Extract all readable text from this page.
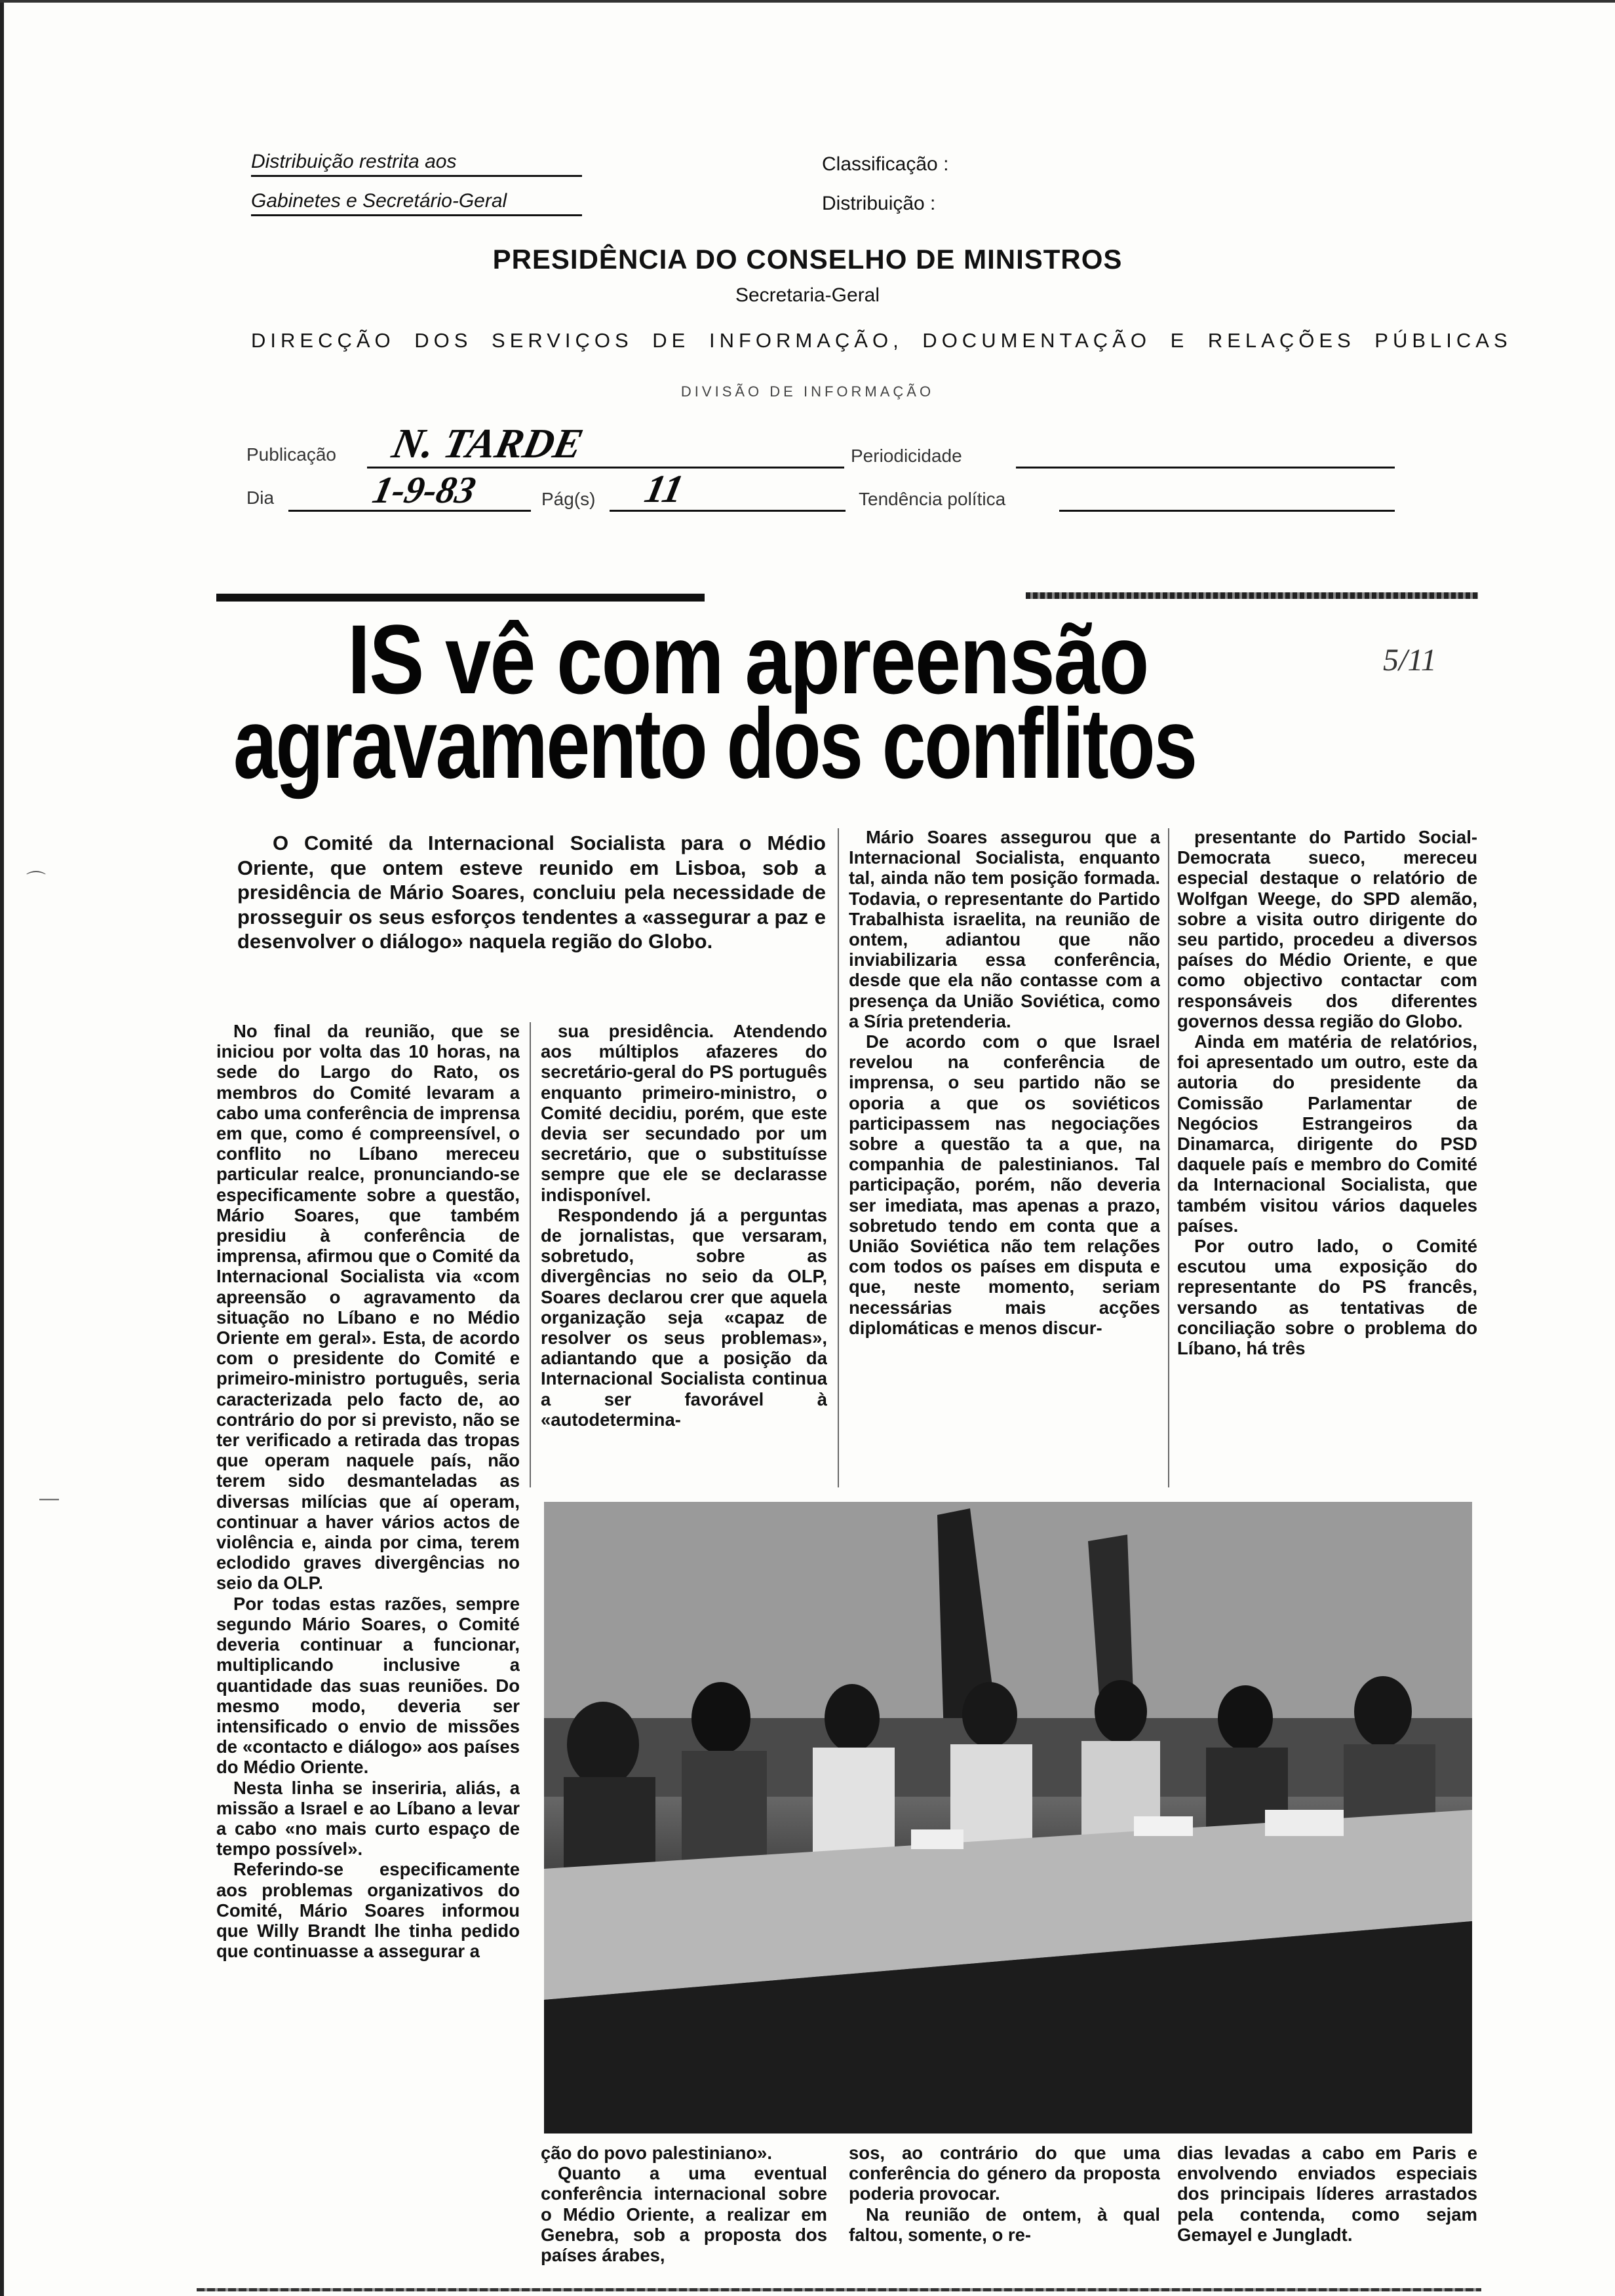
Distribuição restrita aos
Gabinetes e Secretário-Geral
Classificação :
Distribuição :
PRESIDÊNCIA DO CONSELHO DE MINISTROS
Secretaria-Geral
DIRECÇÃO DOS SERVIÇOS DE INFORMAÇÃO, DOCUMENTAÇÃO E RELAÇÕES PÚBLICAS
DIVISÃO DE INFORMAÇÃO
Publicação N. TARDE	Periodicidade
Dia	1-9-83	Pág(s) 11	Tendência política
IS vê com apreensão
agravamento dos conflitos
5/11
O Comité da Internacional Socialista para o Médio Oriente, que ontem esteve reunido em Lisboa, sob a presidência de Mário Soares, concluiu pela necessidade de prosseguir os seus esforços tendentes a «assegurar a paz e desenvolver o diálogo» naquela região do Globo.

No final da reunião, que se iniciou por volta das 10 horas, na sede do Largo do Rato, os membros do Comité levaram a cabo uma conferência de imprensa em que, como é compreensível, o conflito no Líbano mereceu particular realce, pronunciando-se especificamente sobre a questão, Mário Soares, que também presidiu à conferência de imprensa, afirmou que o Comité da Internacional Socialista via «com apreensão o agravamento da situação no Líbano e no Médio Oriente em geral». Esta, de acordo com o presidente do Comité e primeiro-ministro português, seria caracterizada pelo facto de, ao contrário do por si previsto, não se ter verificado a retirada das tropas que operam naquele país, não terem sido desmanteladas as diversas milícias que aí operam, continuar a haver vários actos de violência e, ainda por cima, terem eclodido graves divergências no seio da OLP.

Por todas estas razões, sempre segundo Mário Soares, o Comité deveria continuar a funcionar, multiplicando inclusive a quantidade das suas reuniões. Do mesmo modo, deveria ser intensificado o envio de missões de «contacto e diálogo» aos países do Médio Oriente.

Nesta linha se inseriria, aliás, a missão a Israel e ao Líbano a levar a cabo «no mais curto espaço de tempo possível».

Referindo-se especificamente aos problemas organizativos do Comité, Mário Soares informou que Willy Brandt lhe tinha pedido que continuasse a assegurar a

sua presidência. Atendendo aos múltiplos afazeres do secretário-geral do PS português enquanto primeiro-ministro, o Comité decidiu, porém, que este devia ser secundado por um secretário, que o substituísse sempre que ele se declarasse indisponível.

Respondendo já a perguntas de jornalistas, que versaram, sobretudo, sobre as divergências no seio da OLP, Soares declarou crer que aquela organização seja «capaz de resolver os seus problemas», adiantando que a posição da Internacional Socialista continua a ser favorável à «autodetermina-

Mário Soares assegurou que a Internacional Socialista, enquanto tal, ainda não tem posição formada. Todavia, o representante do Partido Trabalhista israelita, na reunião de ontem, adiantou que não inviabilizaria essa conferência, desde que ela não contasse com a presença da União Soviética, como a Síria pretenderia.

De acordo com o que Israel revelou na conferência de imprensa, o seu partido não se oporia a que os soviéticos participassem nas negociações sobre a questão ta a que, na companhia de palestinianos. Tal participação, porém, não deveria ser imediata, mas apenas a prazo, sobretudo tendo em conta que a União Soviética não tem relações com todos os países em disputa e que, neste momento, seriam necessárias mais acções diplomáticas e menos discur-

presentante do Partido Social-Democrata sueco, mereceu especial destaque o relatório de Wolfgan Weege, do SPD alemão, sobre a visita outro dirigente do seu partido, procedeu a diversos países do Médio Oriente, e que como objectivo contactar com responsáveis dos diferentes governos dessa região do Globo.

Ainda em matéria de relatórios, foi apresentado um outro, este da autoria do presidente da Comissão Parlamentar de Negócios Estrangeiros da Dinamarca, dirigente do PSD daquele país e membro do Comité da Internacional Socialista, que também visitou vários daqueles países.

Por outro lado, o Comité escutou uma exposição do representante do PS francês, versando as tentativas de conciliação sobre o problema do Líbano, há três

ção do povo palestiniano».

Quanto a uma eventual conferência internacional sobre o Médio Oriente, a realizar em Genebra, sob a proposta dos países árabes,

sos, ao contrário do que uma conferência do género da proposta poderia provocar.

Na reunião de ontem, à qual faltou, somente, o re-

dias levadas a cabo em Paris e envolvendo enviados especiais dos principais líderes arrastados pela contenda, como sejam Gemayel e Jungladt.

⌒
—
